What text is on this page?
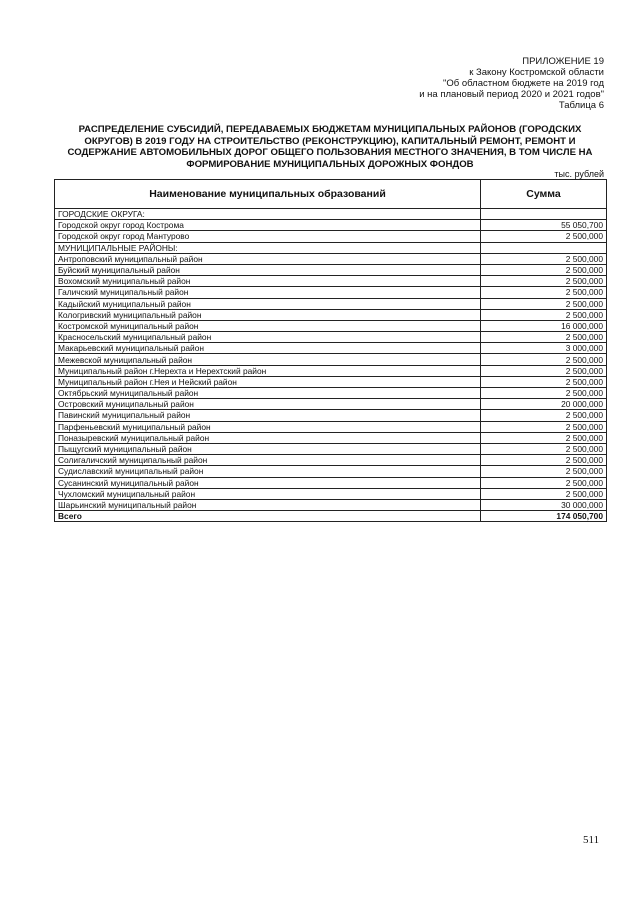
ПРИЛОЖЕНИЕ 19
к Закону Костромской области
"Об областном бюджете на 2019 год
и на плановый период 2020 и 2021 годов"
Таблица 6
РАСПРЕДЕЛЕНИЕ СУБСИДИЙ, ПЕРЕДАВАЕМЫХ БЮДЖЕТАМ МУНИЦИПАЛЬНЫХ РАЙОНОВ (ГОРОДСКИХ ОКРУГОВ) В 2019 ГОДУ НА СТРОИТЕЛЬСТВО (РЕКОНСТРУКЦИЮ), КАПИТАЛЬНЫЙ РЕМОНТ, РЕМОНТ И СОДЕРЖАНИЕ АВТОМОБИЛЬНЫХ ДОРОГ ОБЩЕГО ПОЛЬЗОВАНИЯ МЕСТНОГО ЗНАЧЕНИЯ, В ТОМ ЧИСЛЕ НА ФОРМИРОВАНИЕ МУНИЦИПАЛЬНЫХ ДОРОЖНЫХ ФОНДОВ
тыс. рублей
Наименование муниципальных образований	Сумма
ГОРОДСКИЕ ОКРУГА:	
Городской округ город Кострома	55 050,700
Городской округ город Мантурово	2 500,000
МУНИЦИПАЛЬНЫЕ РАЙОНЫ:	
Антроповский муниципальный район	2 500,000
Буйский муниципальный район	2 500,000
Вохомский муниципальный район	2 500,000
Галичский муниципальный район	2 500,000
Кадыйский муниципальный район	2 500,000
Кологривский муниципальный район	2 500,000
Костромской муниципальный район	16 000,000
Красносельский муниципальный район	2 500,000
Макарьевский муниципальный район	3 000,000
Межевской муниципальный район	2 500,000
Муниципальный район г.Нерехта и Нерехтский район	2 500,000
Муниципальный район г.Нея и Нейский район	2 500,000
Октябрьский муниципальный район	2 500,000
Островский муниципальный район	20 000,000
Павинский муниципальный район	2 500,000
Парфеньевский муниципальный район	2 500,000
Поназыревский муниципальный район	2 500,000
Пыщугский муниципальный район	2 500,000
Солигаличский муниципальный район	2 500,000
Судиславский муниципальный район	2 500,000
Сусанинский муниципальный район	2 500,000
Чухломский муниципальный район	2 500,000
Шарьинский муниципальный район	30 000,000
Всего	174 050,700
511
